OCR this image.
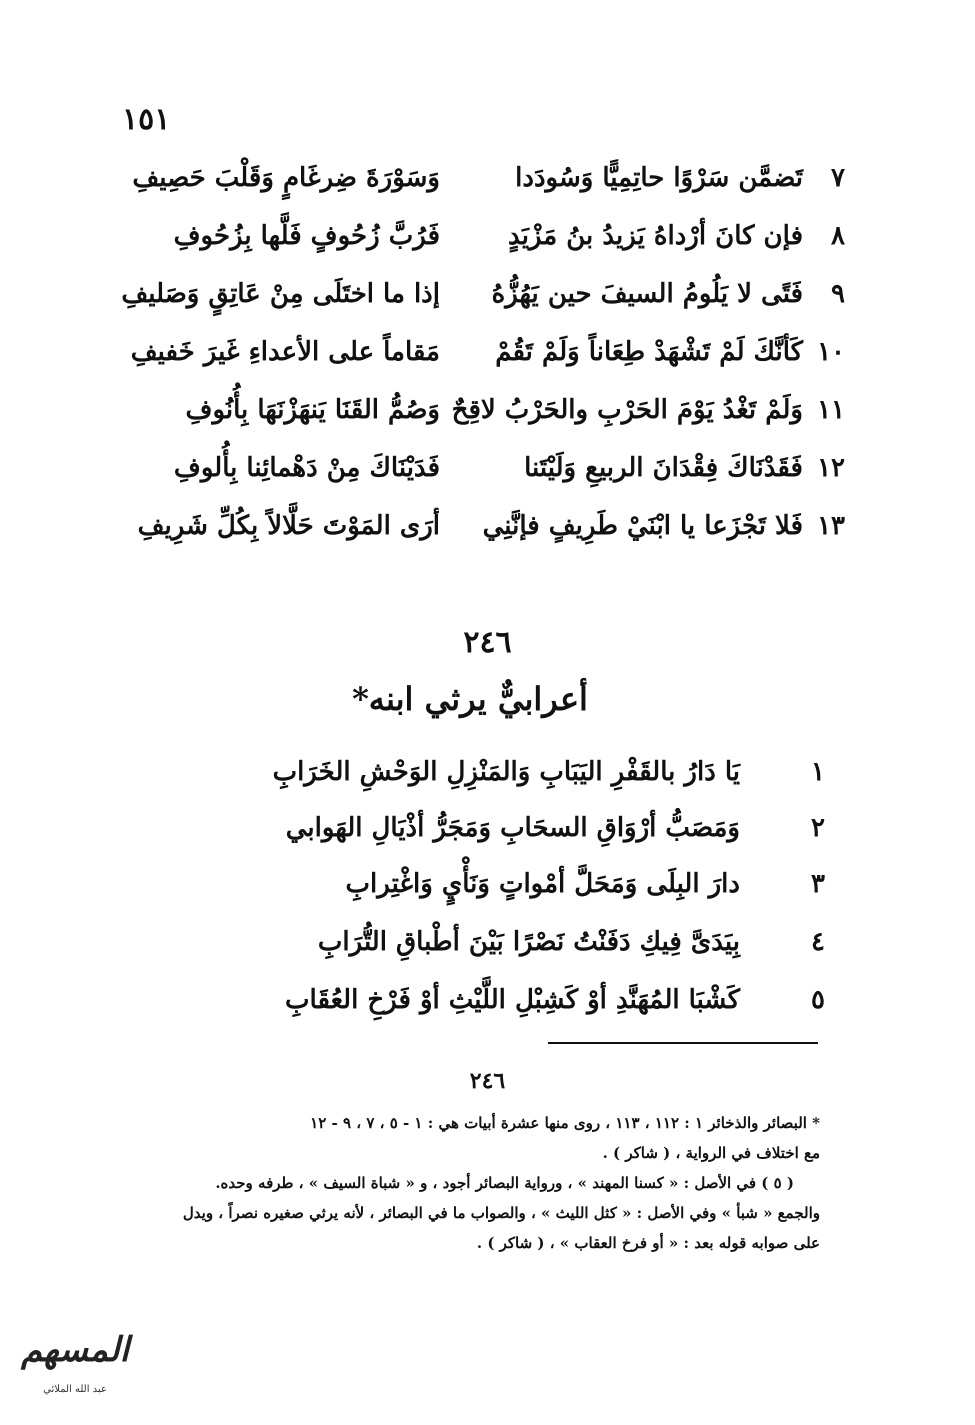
١٥١
٧
تَضمَّن سَرْوًا حاتِمِيًّا وَسُودَدا
وَسَوْرَةَ ضِرغَامٍ وَقَلْبَ حَصِيفِ
٨
فإن كانَ أرْداهُ يَزيدُ بنُ مَزْيَدٍ
فَرُبَّ زُحُوفٍ فَلَّها بِزُحُوفِ
٩
فَتًى لا يَلُومُ السيفَ حين يَهُزُّهُ
إذا ما اختَلَى مِنْ عَاتِقٍ وَصَليفِ
١٠
كَأنَّكَ لَمْ تَشْهَدْ طِعَاناً وَلَمْ تَقُمْ
مَقاماً على الأعداءِ غَيرَ خَفيفِ
١١
وَلَمْ تَغْدُ يَوْمَ الحَرْبِ والحَرْبُ لاقِحٌ
وَصُمُّ القَنَا يَنهَزْنَهَا بِأُنُوفِ
١٢
فَقَدْنَاكَ فِقْدَانَ الربيعِ وَلَيْتَنا
فَدَيْنَاكَ مِنْ دَهْمائِنا بِأُلوفِ
١٣
فَلا تَجْزَعا يا ابْنَيْ طَرِيفٍ فإنَّنِي
أرَى المَوْتَ حَلَّالاً بِكُلِّ شَرِيفِ
٢٤٦
أعرابيٌّ يرثي ابنه*
١
يَا دَارُ بالقَفْرِ اليَبَابِ وَالمَنْزِلِ الوَحْشِ الخَرَابِ
٢
وَمَصَبُّ أرْوَاقِ السحَابِ وَمَجَرُّ أذْيَالِ الهَوابي
٣
دارَ البِلَى وَمَحَلَّ أمْواتٍ وَنَأْيٍ وَاغْتِرابِ
٤
بِيَدَىَّ فِيكِ دَفَنْتُ نَصْرًا بَيْنَ أطْباقِ التُّرَابِ
٥
كَشْبَا المُهَنَّدِ أوْ كَشِبْلِ اللَّيْثِ أوْ فَرْخِ العُقَابِ
٢٤٦
* البصائر والذخائر ١ : ١١٢ ، ١١٣ ، روى منها عشرة أبيات هي : ١ - ٥ ، ٧ ، ٩ - ١٢
مع اختلاف في الرواية ، ( شاكر ) .
( ٥ ) في الأصل : « كسنا المهند » ، ورواية البصائر أجود ، و « شباة السيف » ، طرفه وحده.
والجمع « شبأ » وفي الأصل : « كثل الليث » ، والصواب ما في البصائر ، لأنه يرثي صغيره نصراً ، ويدل
على صوابه قوله بعد : « أو فرخ العقاب » ، ( شاكر ) .
المسهم
عبد الله الملائي
